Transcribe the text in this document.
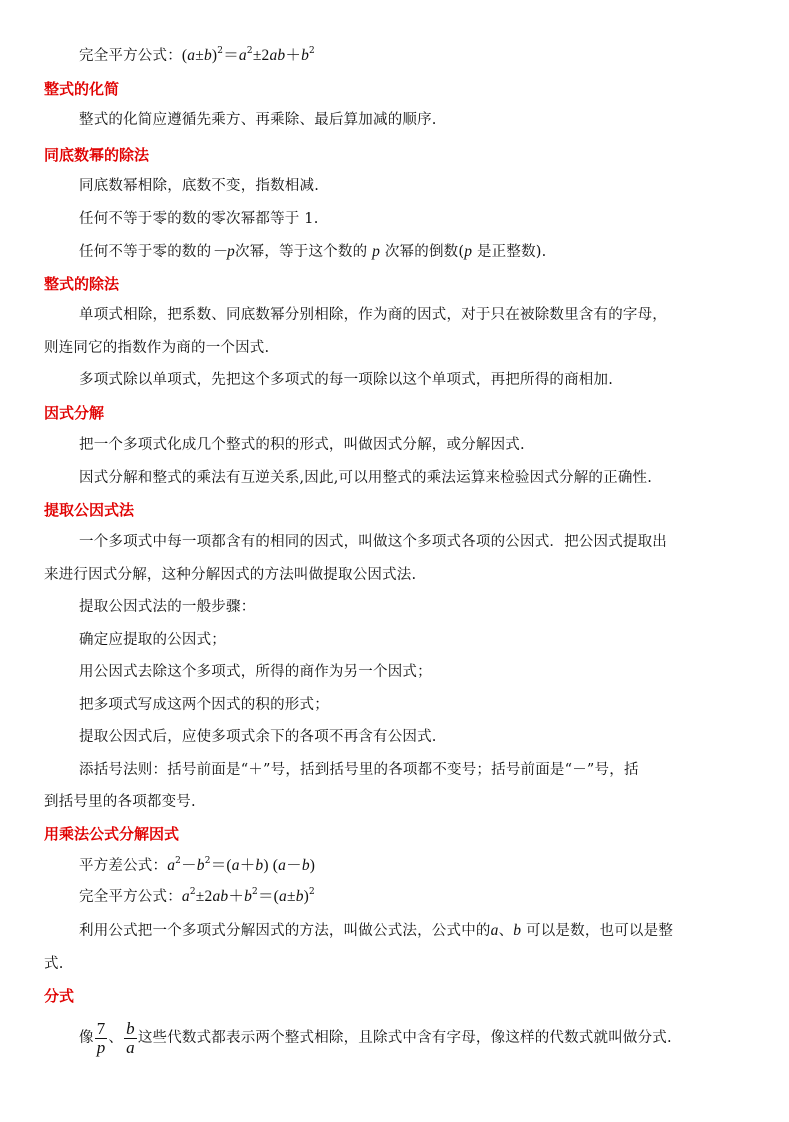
完全平方公式：$(a\pm b)^2=a^2\pm 2ab+b^2$
整式的化简
整式的化简应遵循先乘方、再乘除、最后算加减的顺序.
同底数幂的除法
同底数幂相除，底数不变，指数相减.
任何不等于零的数的零次幂都等于 1.
任何不等于零的数的－p次幂，等于这个数的 p 次幂的倒数(p 是正整数).
整式的除法
单项式相除，把系数、同底数幂分别相除，作为商的因式，对于只在被除数里含有的字母，
则连同它的指数作为商的一个因式.
多项式除以单项式，先把这个多项式的每一项除以这个单项式，再把所得的商相加.
因式分解
把一个多项式化成几个整式的积的形式，叫做因式分解，或分解因式.
因式分解和整式的乘法有互逆关系,因此,可以用整式的乘法运算来检验因式分解的正确性.
提取公因式法
一个多项式中每一项都含有的相同的因式，叫做这个多项式各项的公因式．把公因式提取出
来进行因式分解，这种分解因式的方法叫做提取公因式法.
提取公因式法的一般步骤：
确定应提取的公因式；
用公因式去除这个多项式，所得的商作为另一个因式；
把多项式写成这两个因式的积的形式；
提取公因式后，应使多项式余下的各项不再含有公因式.
添括号法则：括号前面是“＋”号，括到括号里的各项都不变号；括号前面是“－”号，括
到括号里的各项都变号.
用乘法公式分解因式
平方差公式：$a^2-b^2=(a+b)$ (a－b)
完全平方公式：$a^2\pm 2ab+b^2=(a\pm b)^2$
利用公式把一个多项式分解因式的方法，叫做公式法，公式中的a、b 可以是数，也可以是整
式.
分式
像 $\frac{7}{p}$ 、 $\frac{b}{a}$ 这些代数式都表示两个整式相除，且除式中含有字母，像这样的代数式就叫做分式.
